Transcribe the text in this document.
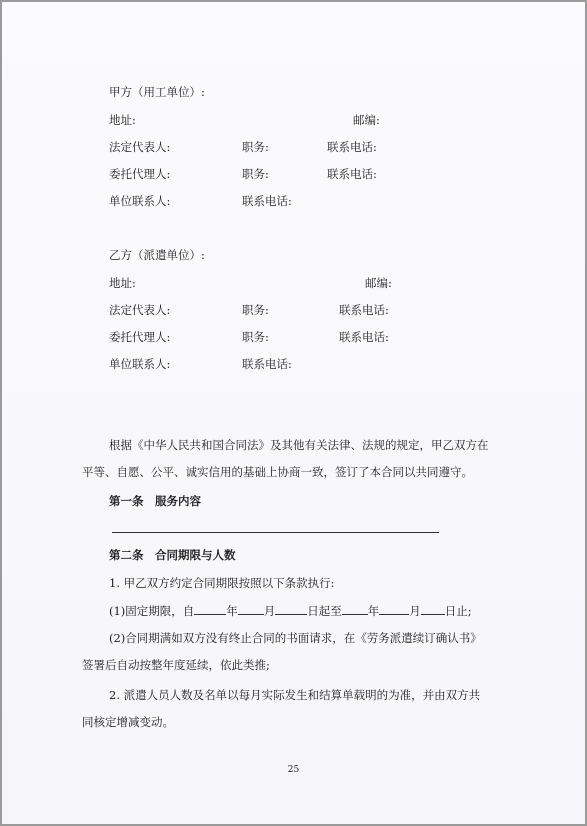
甲方（用工单位）:
地址:	邮编:
法定代表人:	职务:	联系电话:
委托代理人:	职务:	联系电话:
单位联系人:	联系电话:
乙方（派遣单位）:
地址:	邮编:
法定代表人:	职务:	联系电话:
委托代理人:	职务:	联系电话:
单位联系人:	联系电话:
根据《中华人民共和国合同法》及其他有关法律、法规的规定，甲乙双方在
平等、自愿、公平、诚实信用的基础上协商一致，签订了本合同以共同遵守。
第一条　服务内容
第二条　合同期限与人数
1. 甲乙双方约定合同期限按照以下条款执行:
(1)固定期限，自	年 月	日起至 年	月 日止;
(2)合同期满如双方没有终止合同的书面请求，在《劳务派遣续订确认书》
签署后自动按整年度延续，依此类推;
2. 派遣人员人数及名单以每月实际发生和结算单载明的为准，并由双方共
同核定增减变动。
25
